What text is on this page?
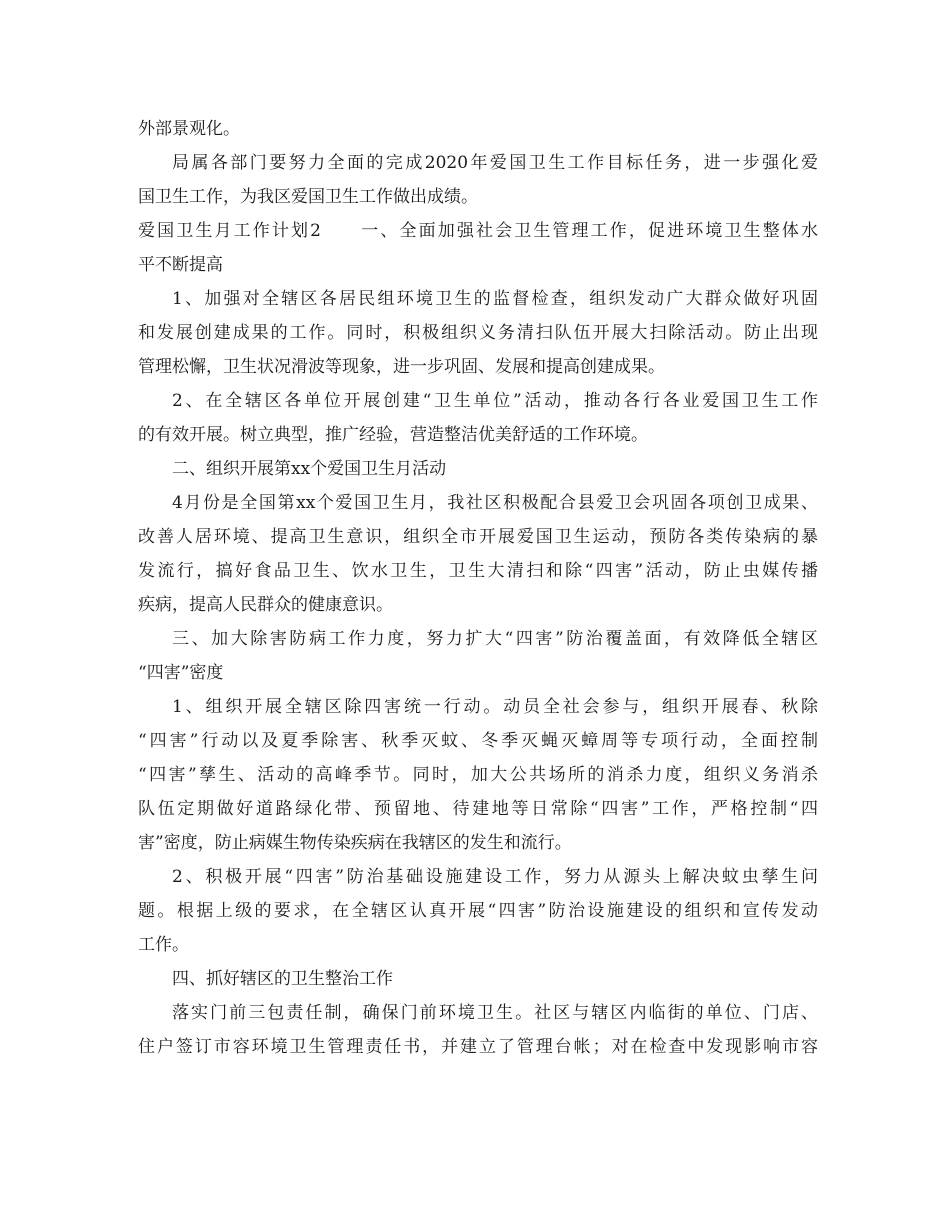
外部景观化。
局属各部门要努力全面的完成2020年爱国卫生工作目标任务，进一步强化爱
国卫生工作，为我区爱国卫生工作做出成绩。
爱国卫生月工作计划2　　一、全面加强社会卫生管理工作，促进环境卫生整体水
平不断提高
1、加强对全辖区各居民组环境卫生的监督检查，组织发动广大群众做好巩固
和发展创建成果的工作。同时，积极组织义务清扫队伍开展大扫除活动。防止出现
管理松懈，卫生状况滑波等现象，进一步巩固、发展和提高创建成果。
2、在全辖区各单位开展创建“卫生单位”活动，推动各行各业爱国卫生工作
的有效开展。树立典型，推广经验，营造整洁优美舒适的工作环境。
二、组织开展第xx个爱国卫生月活动
4月份是全国第xx个爱国卫生月，我社区积极配合县爱卫会巩固各项创卫成果、
改善人居环境、提高卫生意识，组织全市开展爱国卫生运动，预防各类传染病的暴
发流行，搞好食品卫生、饮水卫生，卫生大清扫和除“四害”活动，防止虫媒传播
疾病，提高人民群众的健康意识。
三、加大除害防病工作力度，努力扩大“四害”防治覆盖面，有效降低全辖区
“四害”密度
1、组织开展全辖区除四害统一行动。动员全社会参与，组织开展春、秋除
“四害”行动以及夏季除害、秋季灭蚊、冬季灭蝇灭蟑周等专项行动，全面控制
“四害”孳生、活动的高峰季节。同时，加大公共场所的消杀力度，组织义务消杀
队伍定期做好道路绿化带、预留地、待建地等日常除“四害”工作，严格控制“四
害”密度，防止病媒生物传染疾病在我辖区的发生和流行。
2、积极开展“四害”防治基础设施建设工作，努力从源头上解决蚊虫孳生问
题。根据上级的要求，在全辖区认真开展“四害”防治设施建设的组织和宣传发动
工作。
四、抓好辖区的卫生整治工作
落实门前三包责任制，确保门前环境卫生。社区与辖区内临街的单位、门店、
住户签订市容环境卫生管理责任书，并建立了管理台帐；对在检查中发现影响市容
